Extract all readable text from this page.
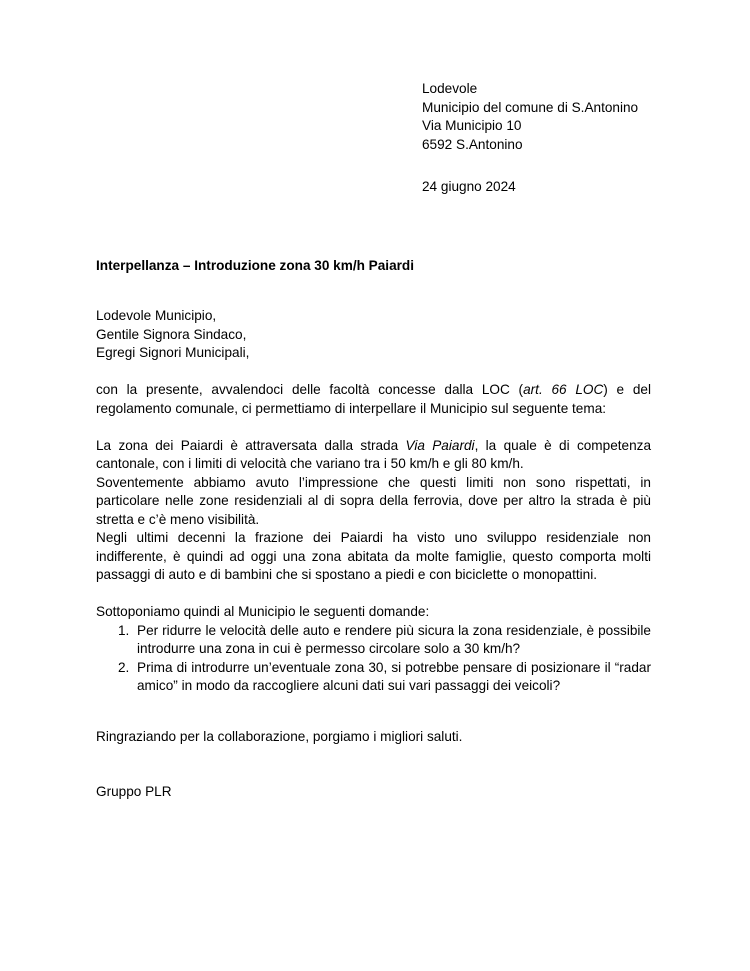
Lodevole
Municipio del comune di S.Antonino
Via Municipio 10
6592 S.Antonino
24 giugno 2024
Interpellanza – Introduzione zona 30 km/h Paiardi
Lodevole Municipio,
Gentile Signora Sindaco,
Egregi Signori Municipali,

con la presente, avvalendoci delle facoltà concesse dalla LOC (art. 66 LOC) e del regolamento comunale, ci permettiamo di interpellare il Municipio sul seguente tema:

La zona dei Paiardi è attraversata dalla strada Via Paiardi, la quale è di competenza cantonale, con i limiti di velocità che variano tra i 50 km/h e gli 80 km/h.

Soventemente abbiamo avuto l’impressione che questi limiti non sono rispettati, in particolare nelle zone residenziali al di sopra della ferrovia, dove per altro la strada è più stretta e c’è meno visibilità.

Negli ultimi decenni la frazione dei Paiardi ha visto uno sviluppo residenziale non indifferente, è quindi ad oggi una zona abitata da molte famiglie, questo comporta molti passaggi di auto e di bambini che si spostano a piedi e con biciclette o monopattini.

Sottoponiamo quindi al Municipio le seguenti domande:

1. Per ridurre le velocità delle auto e rendere più sicura la zona residenziale, è possibile introdurre una zona in cui è permesso circolare solo a 30 km/h?
2. Prima di introdurre un’eventuale zona 30, si potrebbe pensare di posizionare il “radar amico” in modo da raccogliere alcuni dati sui vari passaggi dei veicoli?
Ringraziando per la collaborazione, porgiamo i migliori saluti.
Gruppo PLR
